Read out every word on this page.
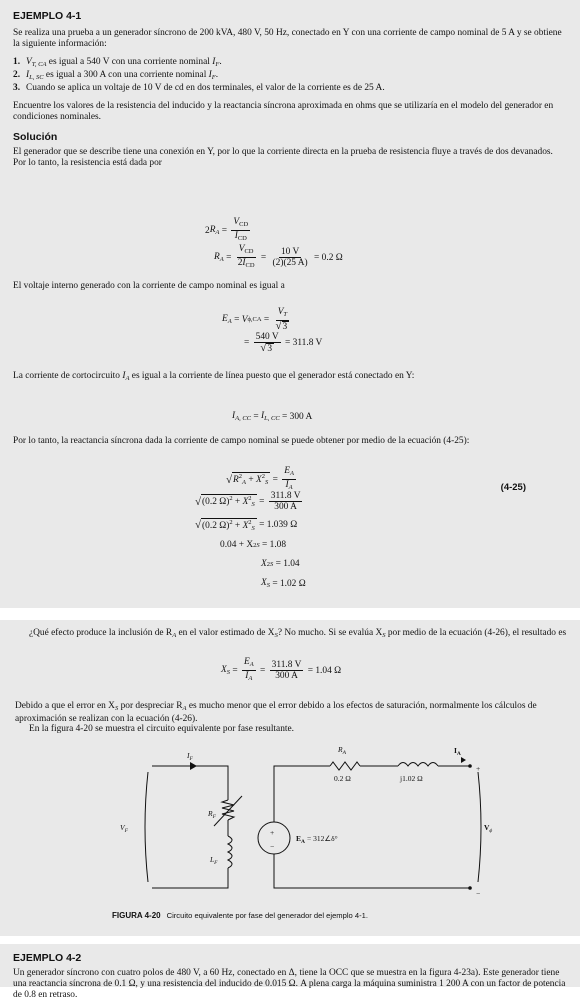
EJEMPLO 4-1

Se realiza una prueba a un generador síncrono de 200 kVA, 480 V, 50 Hz, conectado en Y con una corriente de campo nominal de 5 A y se obtiene la siguiente información:

1. $V_{T, CA}$ es igual a 540 V con una corriente nominal $I_F$.
2. $I_{L, SC}$ es igual a 300 A con una corriente nominal $I_F$.
3. Cuando se aplica un voltaje de 10 V de cd en dos terminales, el valor de la corriente es de 25 A.

Encuentre los valores de la resistencia del inducido y la reactancia síncrona aproximada en ohms que se utilizaría en el modelo del generador en condiciones nominales.

Solución

El generador que se describe tiene una conexión en Y, por lo que la corriente directa en la prueba de resistencia fluye a través de dos devanados. Por lo tanto, la resistencia está dada por

2 $R_A = \frac{V_{CD}}{I_{CD}}$
$R_A = \frac{V_{CD}}{2I_{CD}} = \frac{10 V}{(2)(25 A)}$
= 0.2 Ω

El voltaje interno generado con la corriente de campo nominal es igual a

$E_A = V$ $\phi,CA = \frac{V_T}{√3}$
= $\frac{540 V}{√3}$
= 311.8 V

La corriente de cortocircuito $I_A$ es igual a la corriente de línea puesto que el generador está conectado en Y:

$I_{A, CC} = I_{L, CC}$
= 300 A

Por lo tanto, la reactancia síncrona dada la corriente de campo nominal se puede obtener por medio de la ecuación (4-25):

√ $R^2_A + X^2_S = \frac{E_A}{I_A}$	(4-25)
√ (0.2 $\Omega)^2 + X^2_S = \frac{311.8 V}{300 A}$
√ (0.2 $\Omega)^2 + X^2_S$
= 1.039 Ω
0.04 + X 2 S
= 1.08
X 2 S
= 1.04
$X_S$
= 1.02 Ω

¿Qué efecto produce la inclusión de $R_A$ en el valor estimado de $X_S$? No mucho. Si se evalúa $X_S$ por medio de la ecuación (4-26), el resultado es

$X_S = \frac{E_A}{I_A} = \frac{311.8 V}{300 A}$
= 1.04 Ω

Debido a que el error en $X_S$ por despreciar $R_A$ es mucho menor que el error debido a los efectos de saturación, normalmente los cálculos de aproximación se realizan con la ecuación (4-26).

En la figura 4-20 se muestra el circuito equivalente por fase resultante.

$I_F$
$R_F$
$L_F$
$V_F$
$R_A$
0.2 Ω	j1.02 Ω
$I_A$
+
−
$E_A$ = 312∠δ°
+
−
$V_\phi$
FIGURA 4-20 Circuito equivalente por fase del generador del ejemplo 4-1.
EJEMPLO 4-2

Un generador síncrono con cuatro polos de 480 V, a 60 Hz, conectado en Δ, tiene la OCC que se muestra en la figura 4-23a). Este generador tiene una reactancia síncrona de 0.1 Ω, y una resistencia del inducido de 0.015 Ω. A plena carga la máquina suministra 1 200 A con un factor de potencia de 0.8 en retraso.
